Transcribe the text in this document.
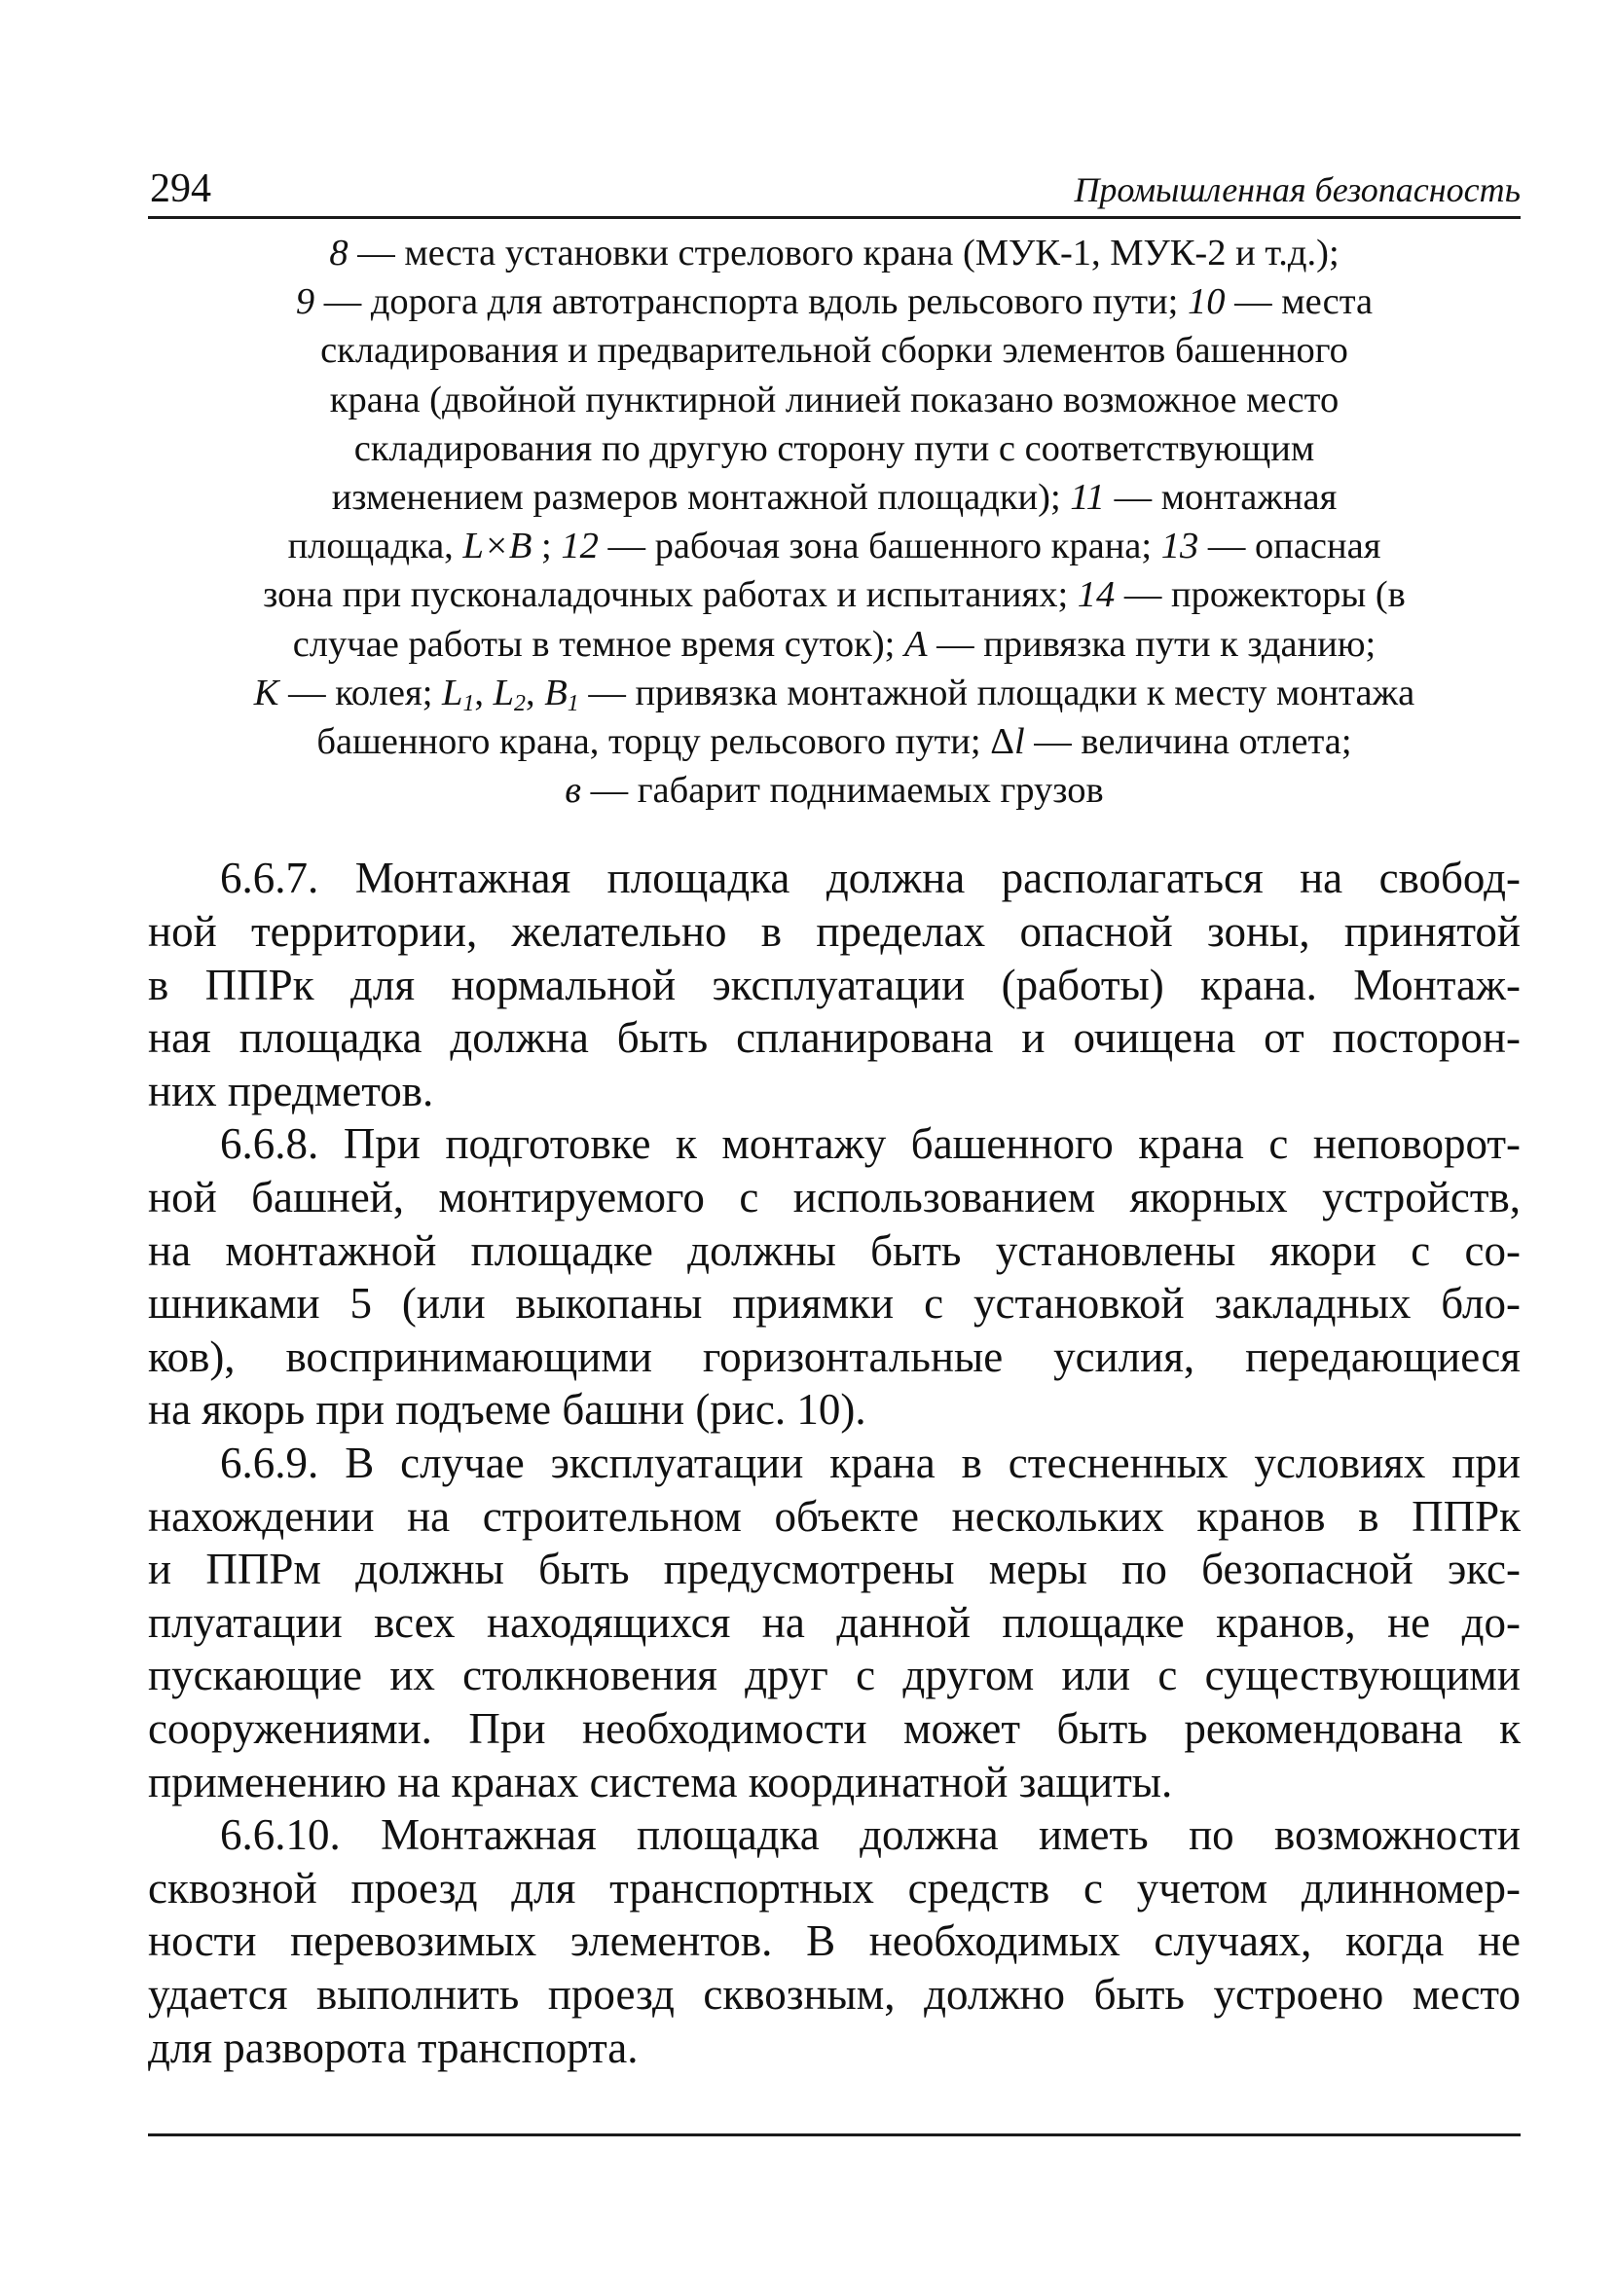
294	Промышленная безопасность

8 — места установки стрелового крана (МУК-1, МУК-2 и т.д.);

9 — дорога для автотранспорта вдоль рельсового пути; 10 — места

складирования и предварительной сборки элементов башенного

крана (двойной пунктирной линией показано возможное место

складирования по другую сторону пути с соответствующим

изменением размеров монтажной площадки); 11 — монтажная

площадка, L×B ; 12 — рабочая зона башенного крана; 13 — опасная

зона при пусконаладочных работах и испытаниях; 14 — прожекторы (в

случае работы в темное время суток); А — привязка пути к зданию;

K — колея; $L_1$, $L_2$, $B_1$ — привязка монтажной площадки к месту монтажа

башенного крана, торцу рельсового пути; Δl — величина отлета;

в — габарит поднимаемых грузов

6.6.7. Монтажная площадка должна располагаться на свобод-
ной территории, желательно в пределах опасной зоны, принятой
в ППРк для нормальной эксплуатации (работы) крана. Монтаж-
ная площадка должна быть спланирована и очищена от посторон-
них предметов.
6.6.8. При подготовке к монтажу башенного крана с неповорот-
ной башней, монтируемого с использованием якорных устройств,
на монтажной площадке должны быть установлены якори с со-
шниками 5 (или выкопаны приямки с установкой закладных бло-
ков), воспринимающими горизонтальные усилия, передающиеся
на якорь при подъеме башни (рис. 10).
6.6.9. В случае эксплуатации крана в стесненных условиях при
нахождении на строительном объекте нескольких кранов в ППРк
и ППРм должны быть предусмотрены меры по безопасной экс-
плуатации всех находящихся на данной площадке кранов, не до-
пускающие их столкновения друг с другом или с существующими
сооружениями. При необходимости может быть рекомендована к
применению на кранах система координатной защиты.
6.6.10. Монтажная площадка должна иметь по возможности
сквозной проезд для транспортных средств с учетом длинномер-
ности перевозимых элементов. В необходимых случаях, когда не
удается выполнить проезд сквозным, должно быть устроено место
для разворота транспорта.
